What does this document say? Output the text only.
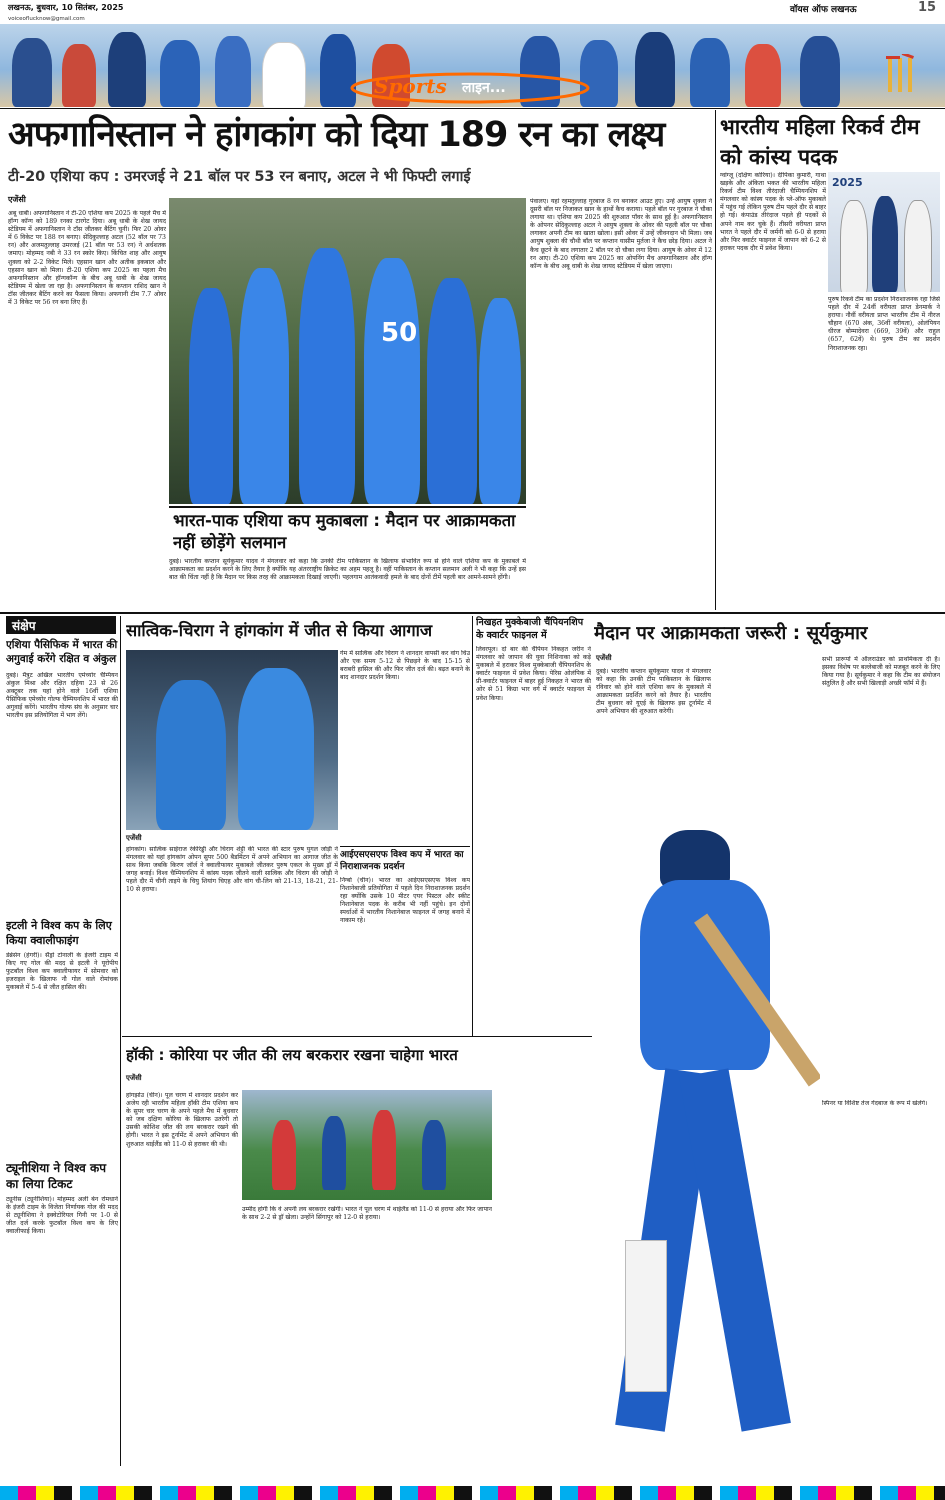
लखनऊ, बुधवार, 10 सितंबर, 2025	वॉयस ऑफ लखनऊ	15
voiceoflucknow@gmail.com
Sports लाइन...
अफगानिस्तान ने हांगकांग को दिया 189 रन का लक्ष्य
टी-20 एशिया कप : उमरजई ने 21 बॉल पर 53 रन बनाए, अटल ने भी फिफ्टी लगाई
एजेंसी
अबू धाबी। अफगानिस्तान ने टी-20 एशिया कप 2025 के पहले मैच में हॉन्ग कॉन्ग को 189 रनका टारगेट दिया। अबू धाबी के शेख जायद स्टेडियम में अफगानिस्तान ने टॉस जीतकर बैटिंग चुनी। फिर 20 ओवर में 6 विकेट पर 188 रन बनाए। सेदिकुल्लाह अटल (52 बॉल पर 73 रन) और अजमतुल्लाह उमरजई (21 बॉल पर 53 रन) ने अर्धशतक जमाए। मोहम्मद नबी ने 33 रन स्कोर किए। किंचित शाह और आयुष शुक्ला को 2-2 विकेट मिले। एहसान खान और अतीक इकबाल और एहसान खान को मिला। टी-20 एशिया कप 2025 का पहला मैच अफगानिस्तान और हॉन्गकॉन्ग के बीच अबू धाबी के शेख जायद स्टेडियम में खेला जा रहा है। अफगानिस्तान के कप्तान राशिद खान ने टॉस जीतकर बैटिंग करने का फैसला किया। अफगानी टीम 7.7 ओवर में 3 विकेट पर 56 रन बना लिए हैं।
50
पंवालए। यहां रहमतुल्लाह गुरबाज 8 रन बनाकर आउट हुए। उन्हें आयुष शुक्ला ने दूसरी बॉल पर निजाकत खान के हाथों कैच कराया। पहले बॉल पर गुरबाज ने चौका लगाया था। एशिया कप 2025 की शुरुआत पॉवर के साथ हुई है। अफगानिस्तान के ओपनर सेदिकुल्लाह अटल ने आयुष शुक्ला के ओवर की पहली बॉल पर चौका लगाकर अपनी टीम का खाता खोला। इसी ओवर में उन्हें जीवनदान भी मिला। जब आयुष शुक्ला की चौथी बॉल पर कप्तान यासीम मुर्तजा ने कैच छोड़ दिया। अटल ने कैच छूटने के बाद लगातार 2 बॉल पर दो चौका लगा दिया। आयुष के ओवर में 12 रन आए। टी-20 एशिया कप 2025 का ओपनिंग मैच अफगानिस्तान और हॉन्ग कॉन्ग के बीच अबू धाबी के शेख जायद स्टेडियम में खेला जाएगा।
भारत-पाक एशिया कप मुकाबला : मैदान पर आक्रामकता नहीं छोड़ेंगे सलमान
दुबई। भारतीय कप्तान सूर्यकुमार यादव ने मंगलवार को कहा कि उनकी टीम पाकिस्तान के खिलाफ संभावित रूप से होने वाले एशिया कप के मुकाबले में आक्रामकता का प्रदर्शन करने के लिए तैयार है क्योंकि यह अंतरराष्ट्रीय क्रिकेट का अहम पहलू है। वहीं पाकिस्तान के कप्तान सलमान अली ने भी कहा कि उन्हें इस बात की चिंता नहीं है कि मैदान पर किस तरह की आक्रामकता दिखाई जाएगी। पहलगाम आतंकवादी हमले के बाद दोनों टीमें पहली बार आमने-सामने होंगी।
भारतीय महिला रिकर्व टीम को कांस्य पदक
ग्वांग्जू (दक्षिण कोरिया)। दीपिका कुमारी, गाथा खड़के और अंकिता भकत की भारतीय महिला रिकर्व टीम विश्व तीरंदाजी चैम्पियनशिप में मंगलवार को कांस्य पदक के प्ले-ऑफ मुकाबले में पहुंच गई लेकिन पुरुष टीम पहले दौर से बाहर हो गई। कंपाउंड तीरंदाज पहले ही पदकों से अपने नाम कर चुके हैं। तीसरी वरीयता प्राप्त भारत ने पहले दौर में जर्मनी को 6-0 से हराया और फिर क्वार्टर फाइनल में जापान को 6-2 से हराकर पदक दौर में प्रवेश किया।
2025
पुरुष रिकर्व टीम का प्रदर्शन निराशाजनक रहा जिसे पहले दौर में 24वीं वरीयता प्राप्त डेनमार्क ने हराया। नौवीं वरीयता प्राप्त भारतीय टीम में नीरज चौहान (670 अंक, 36वीं वरीयता), ओलंपियन धीरज बोम्मादेवरा (669, 39वें) और राहुल (657, 62वें) थे। पुरुष टीम का प्रदर्शन निराशाजनक रहा।
संक्षेप
एशिया पैसिफिक में भारत की अगुवाई करेंगे रक्षित व अंकुल
दुबई। मैत्रुट अखिल भारतीय एमेच्योर चैम्पियन अंकुल मिश्रा और रक्षित दहिया 23 से 26 अक्टूबर तक यहां होने वाले 16वीं एशिया पैसिफिक एमेच्योर गोल्फ चैम्पियनशिप में भारत की अगुवाई करेंगे। भारतीय गोल्फ संघ के अनुसार चार भारतीय इस प्रतियोगिता में भाग लेंगे।
इटली ने विश्व कप के लिए किया क्वालीफाइंग
डेब्रेसेन (हंगरी)। सैंड्रो टोनाली के इंजरी टाइम में किए गए गोल की मदद से इटली ने यूरोपीय फुटबॉल विश्व कप क्वालीफायर में सोमवार को इजराइल के खिलाफ नौ गोल वाले रोमांचक मुकाबले में 5-4 से जीत हासिल की।
ट्यूनीशिया ने विश्व कप का लिया टिकट
ट्यूनीस (ट्यूनीशिया)। मोहम्मद अली बेन रोमधाने के इंजरी टाइम के विजेता निर्णायक गोल की मदद से ट्यूनीशिया ने इक्वेटोरियल गिनी पर 1-0 से जीत दर्ज करके फुटबॉल विश्व कप के लिए क्वालीफाई किया।
सात्विक-चिराग ने हांगकांग में जीत से किया आगाज
एजेंसी
हांगकांग। सात्विक साईराज रंकीरेड्डी और चिराग शेट्टी की भारत की स्टार पुरुष युगल जोड़ी ने मंगलवार को यहां हांगकांग ओपन सुपर 500 बैडमिंटन में अपने अभियान का आगाज जीत के साथ किया जबकि किरण जॉर्ज ने क्वालीफायर मुकाबले जीतकर पुरुष एकल के मुख्य ड्रॉ में जगह बनाई। विश्व चैम्पियनशिप में कांस्य पदक जीतने वाली सात्विक और चिराग की जोड़ी ने पहले दौर में चीनी ताइपे के चियु शियांग चिएह और वांग ची-लिन को 21-13, 18-21, 21-10 से हराया।
गेम में सात्विक और चिराग ने शानदार वापसी कर वांग चिउ और एक समय 5-12 से पिछड़ने के बाद 15-15 से बराबरी हासिल की और फिर जीत दर्ज की। बढ़त बनाने के बाद शानदार प्रदर्शन किया।
निखहत मुक्केबाजी चैंपियनशिप के क्वार्टर फाइनल में
लिवरपूल। दो बार की चैंपियन निकहत जरीन ने मंगलवार को जापान की युवा निशिनाका को कड़े मुकाबले में हराकर विश्व मुक्केबाजी चैंपियनशिप के क्वार्टर फाइनल में प्रवेश किया। पेरिस ओलंपिक में प्री-क्वार्टर फाइनल में बाहर हुई निकहत ने भारत की ओर से 51 किग्रा भार वर्ग में क्वार्टर फाइनल में प्रवेश किया।
आईएसएसएफ विश्व कप में भारत का निराशाजनक प्रदर्शन
निंग्बो (चीन)। भारत का आईएसएसएफ विश्व कप निशानेबाजी प्रतियोगिता में पहले दिन निराशाजनक प्रदर्शन रहा क्योंकि उसके 10 मीटर एयर पिस्टल और स्कीट निशानेबाज पदक के करीब भी नहीं पहुंचे। इन दोनों स्पर्धाओं में भारतीय निशानेबाज फाइनल में जगह बनाने में नाकाम रहे।
मैदान पर आक्रामकता जरूरी : सूर्यकुमार
एजेंसी
दुबई। भारतीय कप्तान सूर्यकुमार यादव ने मंगलवार को कहा कि उनकी टीम पाकिस्तान के खिलाफ रविवार को होने वाले एशिया कप के मुकाबले में आक्रामकता प्रदर्शित करने को तैयार है। भारतीय टीम बुधवार को यूएई के खिलाफ इस टूर्नामेंट में अपने अभियान की शुरुआत करेगी।
सभी प्रारूपों में ऑलराउंडर को प्राथमिकता दी है। इसका विशेष पर बल्लेबाजी को मजबूत करने के लिए किया गया है। सूर्यकुमार ने कहा कि टीम का संयोजन संतुलित है और सभी खिलाड़ी अच्छी फॉर्म में हैं।
स्पिनर या विशिष्ट तेज गेंदबाज के रूप में खेलेंगे।
हॉकी : कोरिया पर जीत की लय बरकरार रखना चाहेगा भारत
एजेंसी
हांगझोउ (चीन)। पूल चरण में शानदार प्रदर्शन कर अजेय रही भारतीय महिला हॉकी टीम एशिया कप के सुपर चार चरण के अपने पहले मैच में बुधवार को जब दक्षिण कोरिया के खिलाफ उतरेगी तो उसकी कोशिश जीत की लय बरकरार रखने की होगी। भारत ने इस टूर्नामेंट में अपने अभियान की शुरुआत थाईलैंड को 11-0 से हराकर की थी।
उम्मीद होगी कि वे अपनी लय बरकरार रखेंगी। भारत ने पूल चरण में थाईलैंड को 11-0 से हराया और फिर जापान के साथ 2-2 से ड्रॉ खेला। उन्होंने सिंगापुर को 12-0 से हराया।
